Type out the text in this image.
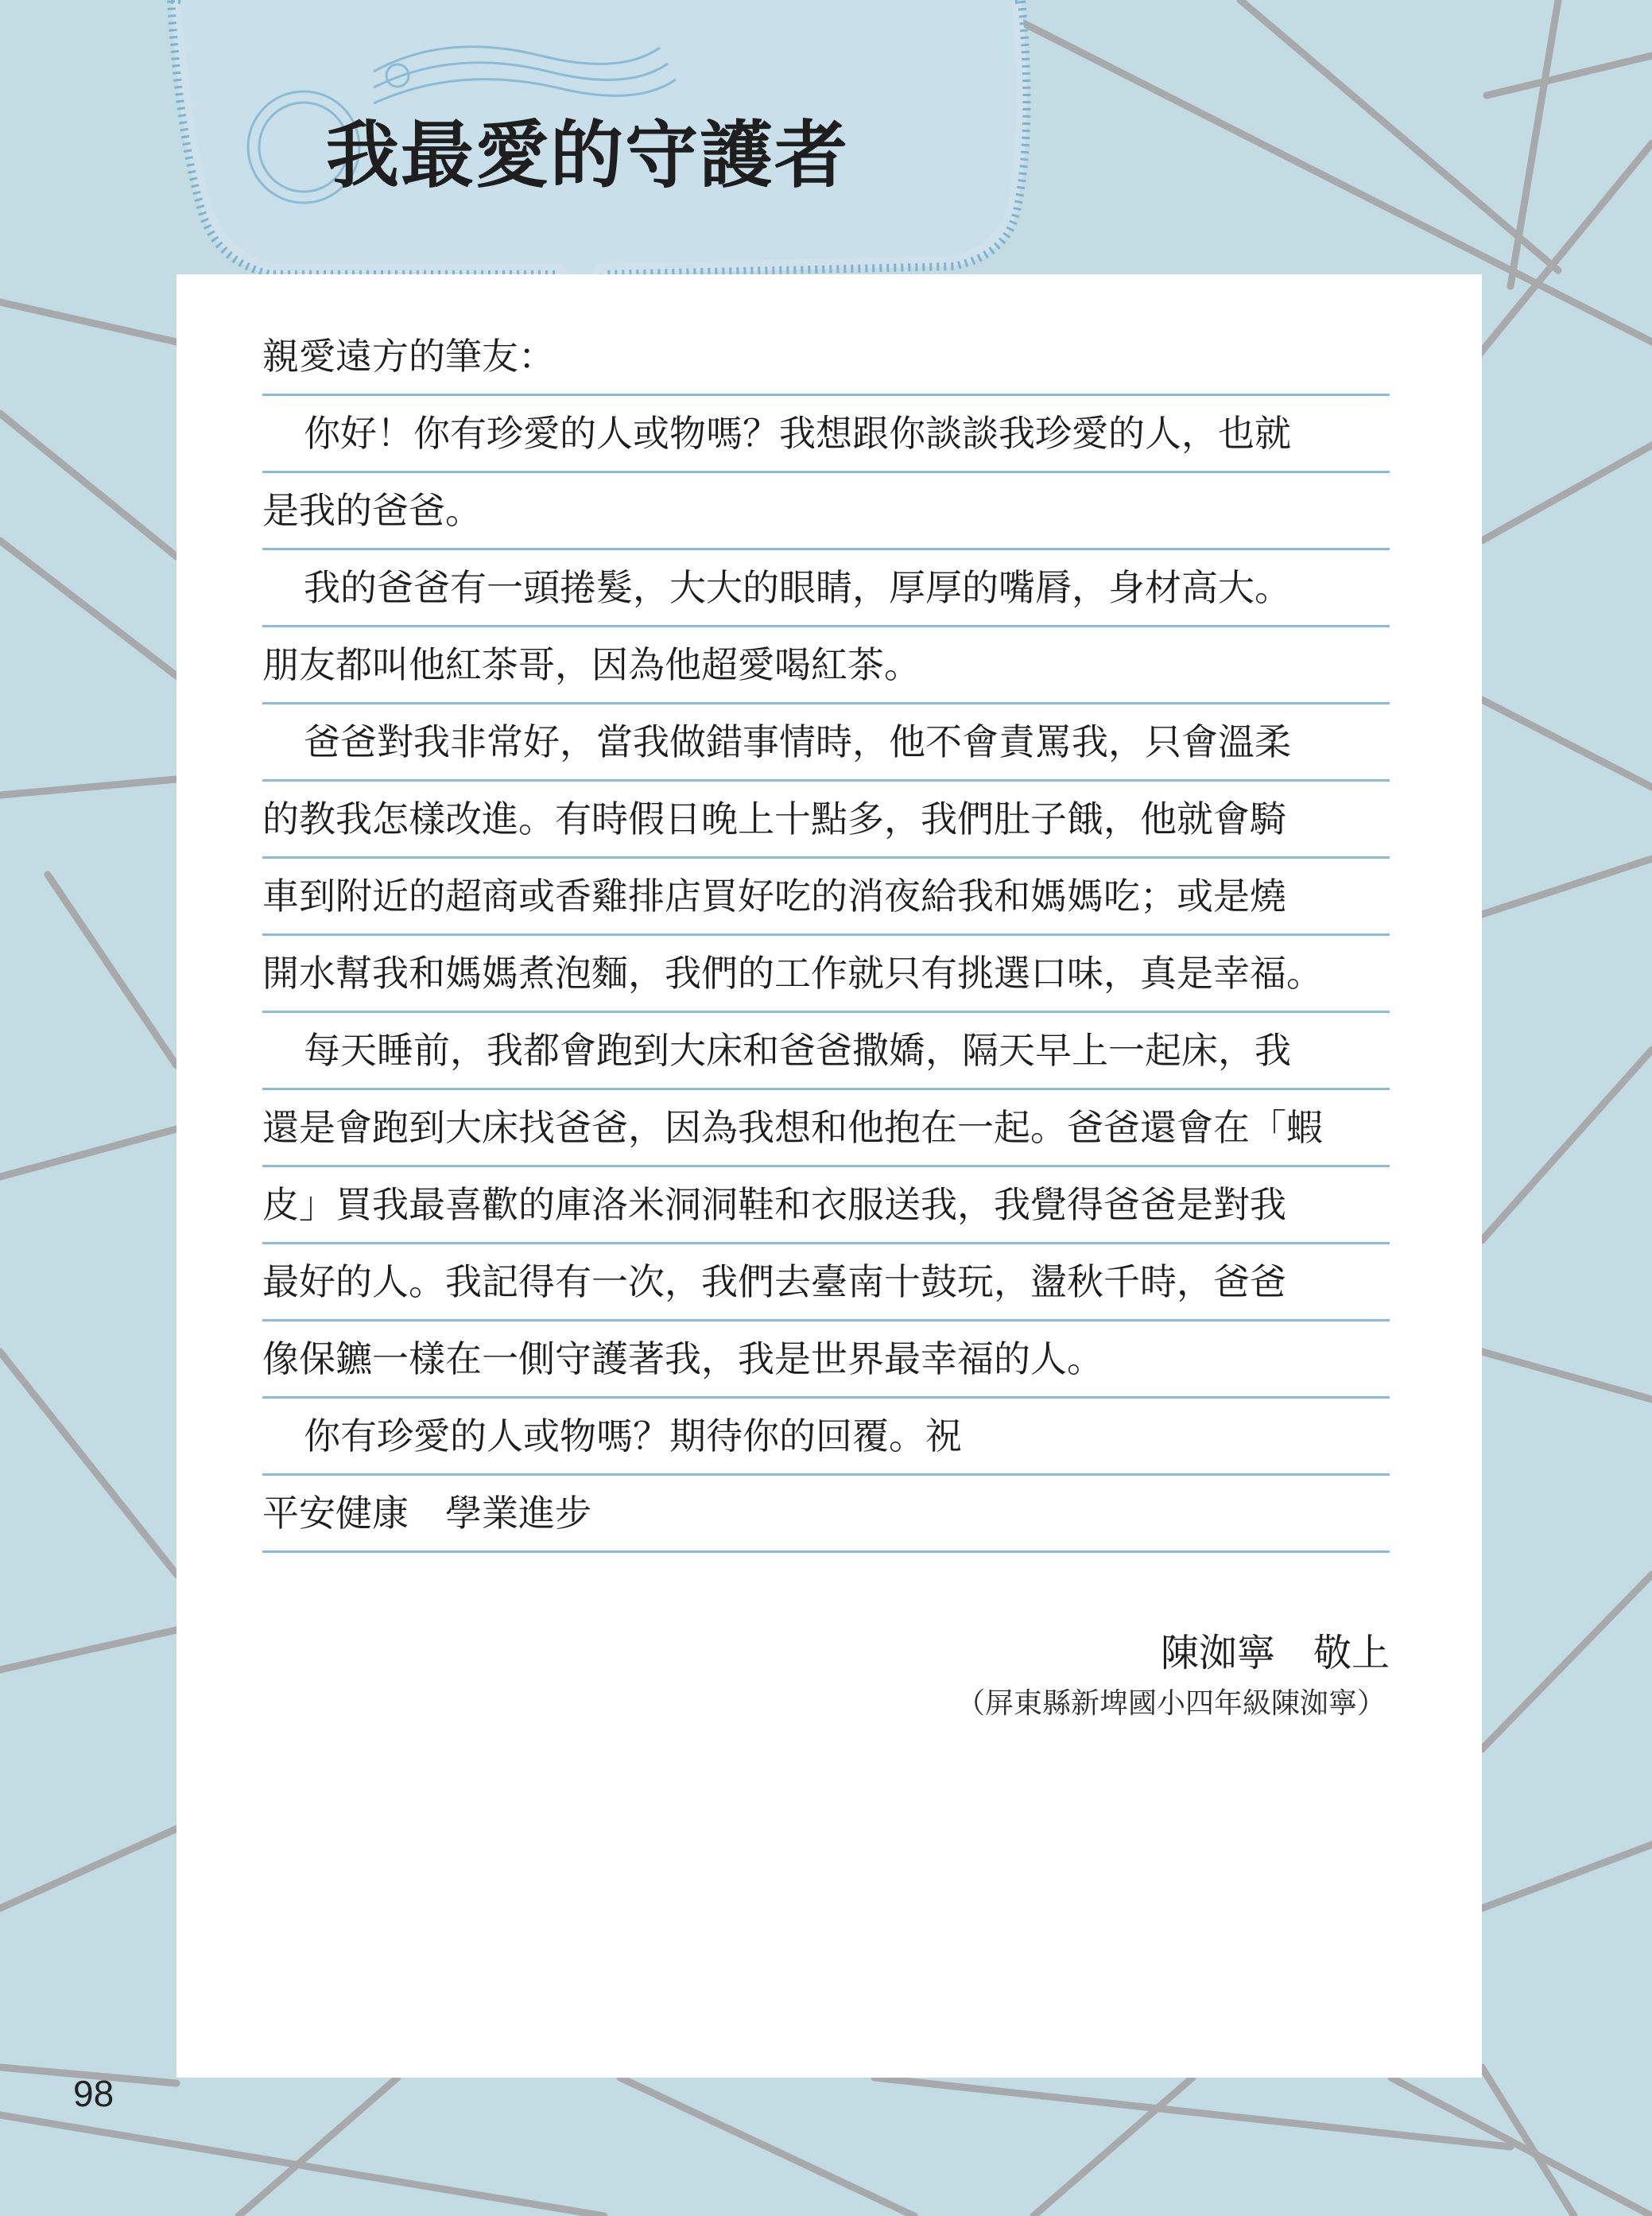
我最愛的守護者

親愛遠方的筆友：

你好！你有珍愛的人或物嗎？我想跟你談談我珍愛的人，也就

是我的爸爸。

我的爸爸有一頭捲髮，大大的眼睛，厚厚的嘴脣，身材高大。

朋友都叫他紅茶哥，因為他超愛喝紅茶。

爸爸對我非常好，當我做錯事情時，他不會責罵我，只會溫柔

的教我怎樣改進。有時假日晚上十點多，我們肚子餓，他就會騎

車到附近的超商或香雞排店買好吃的消夜給我和媽媽吃；或是燒

開水幫我和媽媽煮泡麵，我們的工作就只有挑選口味，真是幸福。

每天睡前，我都會跑到大床和爸爸撒嬌，隔天早上一起床，我

還是會跑到大床找爸爸，因為我想和他抱在一起。爸爸還會在「蝦

皮」買我最喜歡的庫洛米洞洞鞋和衣服送我，我覺得爸爸是對我

最好的人。我記得有一次，我們去臺南十鼓玩，盪秋千時，爸爸

像保鑣一樣在一側守護著我，我是世界最幸福的人。

你有珍愛的人或物嗎？期待你的回覆。祝

平安健康　學業進步

陳洳寧　敬上

（屏東縣新埤國小四年級陳洳寧）

98
